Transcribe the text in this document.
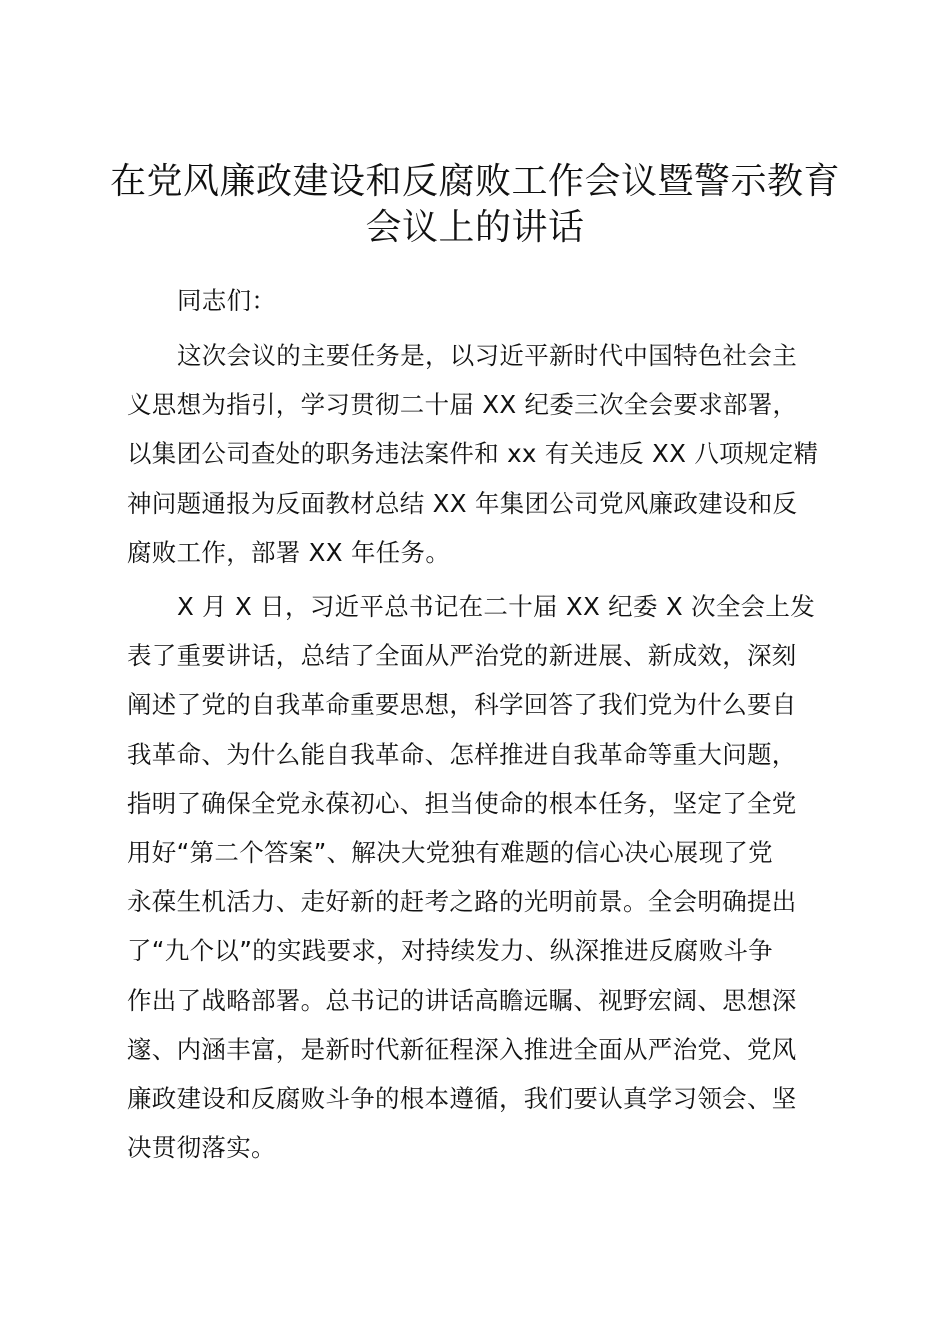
在党风廉政建设和反腐败工作会议暨警示教育
会议上的讲话
同志们：
这次会议的主要任务是，以习近平新时代中国特色社会主
义思想为指引，学习贯彻二十届 XX 纪委三次全会要求部署，
以集团公司查处的职务违法案件和 xx 有关违反 XX 八项规定精
神问题通报为反面教材总结 XX 年集团公司党风廉政建设和反
腐败工作，部署 XX 年任务。
X 月 X 日，习近平总书记在二十届 XX 纪委 X 次全会上发
表了重要讲话，总结了全面从严治党的新进展、新成效，深刻
阐述了党的自我革命重要思想，科学回答了我们党为什么要自
我革命、为什么能自我革命、怎样推进自我革命等重大问题，
指明了确保全党永葆初心、担当使命的根本任务，坚定了全党
用好“第二个答案”、解决大党独有难题的信心决心展现了党
永葆生机活力、走好新的赶考之路的光明前景。全会明确提出
了“九个以”的实践要求，对持续发力、纵深推进反腐败斗争
作出了战略部署。总书记的讲话高瞻远瞩、视野宏阔、思想深
邃、内涵丰富，是新时代新征程深入推进全面从严治党、党风
廉政建设和反腐败斗争的根本遵循，我们要认真学习领会、坚
决贯彻落实。
